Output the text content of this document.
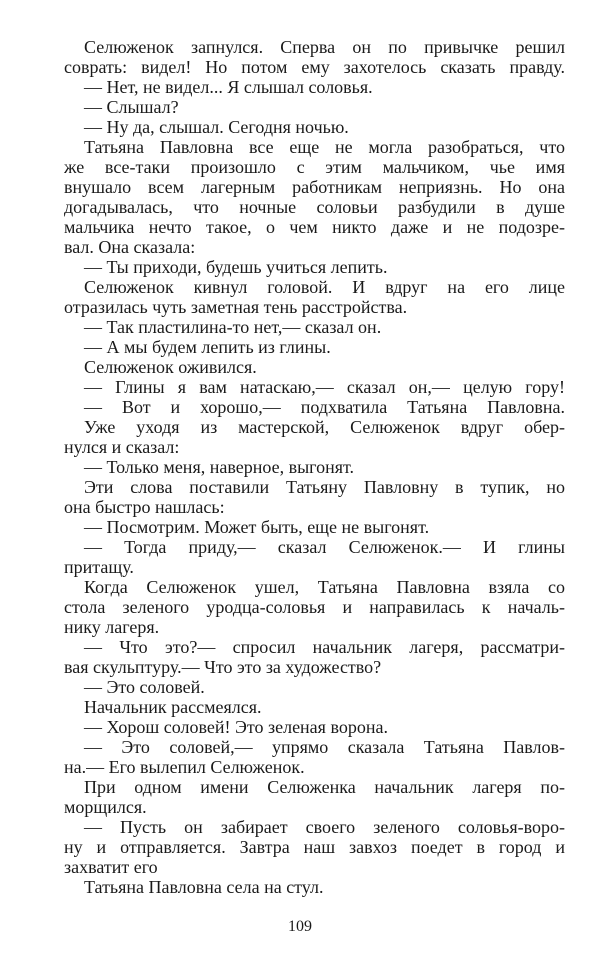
Селюженок запнулся. Сперва он по привычке решил
соврать: видел! Но потом ему захотелось сказать правду.
— Нет, не видел... Я слышал соловья.
— Слышал?
— Ну да, слышал. Сегодня ночью.
Татьяна Павловна все еще не могла разобраться, что
же все-таки произошло с этим мальчиком, чье имя
внушало всем лагерным работникам неприязнь. Но она
догадывалась, что ночные соловьи разбудили в душе
мальчика нечто такое, о чем никто даже и не подозре-
вал. Она сказала:
— Ты приходи, будешь учиться лепить.
Селюженок кивнул головой. И вдруг на его лице
отразилась чуть заметная тень расстройства.
— Так пластилина-то нет,— сказал он.
— А мы будем лепить из глины.
Селюженок оживился.
— Глины я вам натаскаю,— сказал он,— целую гору!
— Вот и хорошо,— подхватила Татьяна Павловна.
Уже уходя из мастерской, Селюженок вдруг обер-
нулся и сказал:
— Только меня, наверное, выгонят.
Эти слова поставили Татьяну Павловну в тупик, но
она быстро нашлась:
— Посмотрим. Может быть, еще не выгонят.
— Тогда приду,— сказал Селюженок.— И глины
притащу.
Когда Селюженок ушел, Татьяна Павловна взяла со
стола зеленого уродца-соловья и направилась к началь-
нику лагеря.
— Что это?— спросил начальник лагеря, рассматри-
вая скульптуру.— Что это за художество?
— Это соловей.
Начальник рассмеялся.
— Хорош соловей! Это зеленая ворона.
— Это соловей,— упрямо сказала Татьяна Павлов-
на.— Его вылепил Селюженок.
При одном имени Селюженка начальник лагеря по-
морщился.
— Пусть он забирает своего зеленого соловья-воро-
ну и отправляется. Завтра наш завхоз поедет в город и
захватит его
Татьяна Павловна села на стул.
109
